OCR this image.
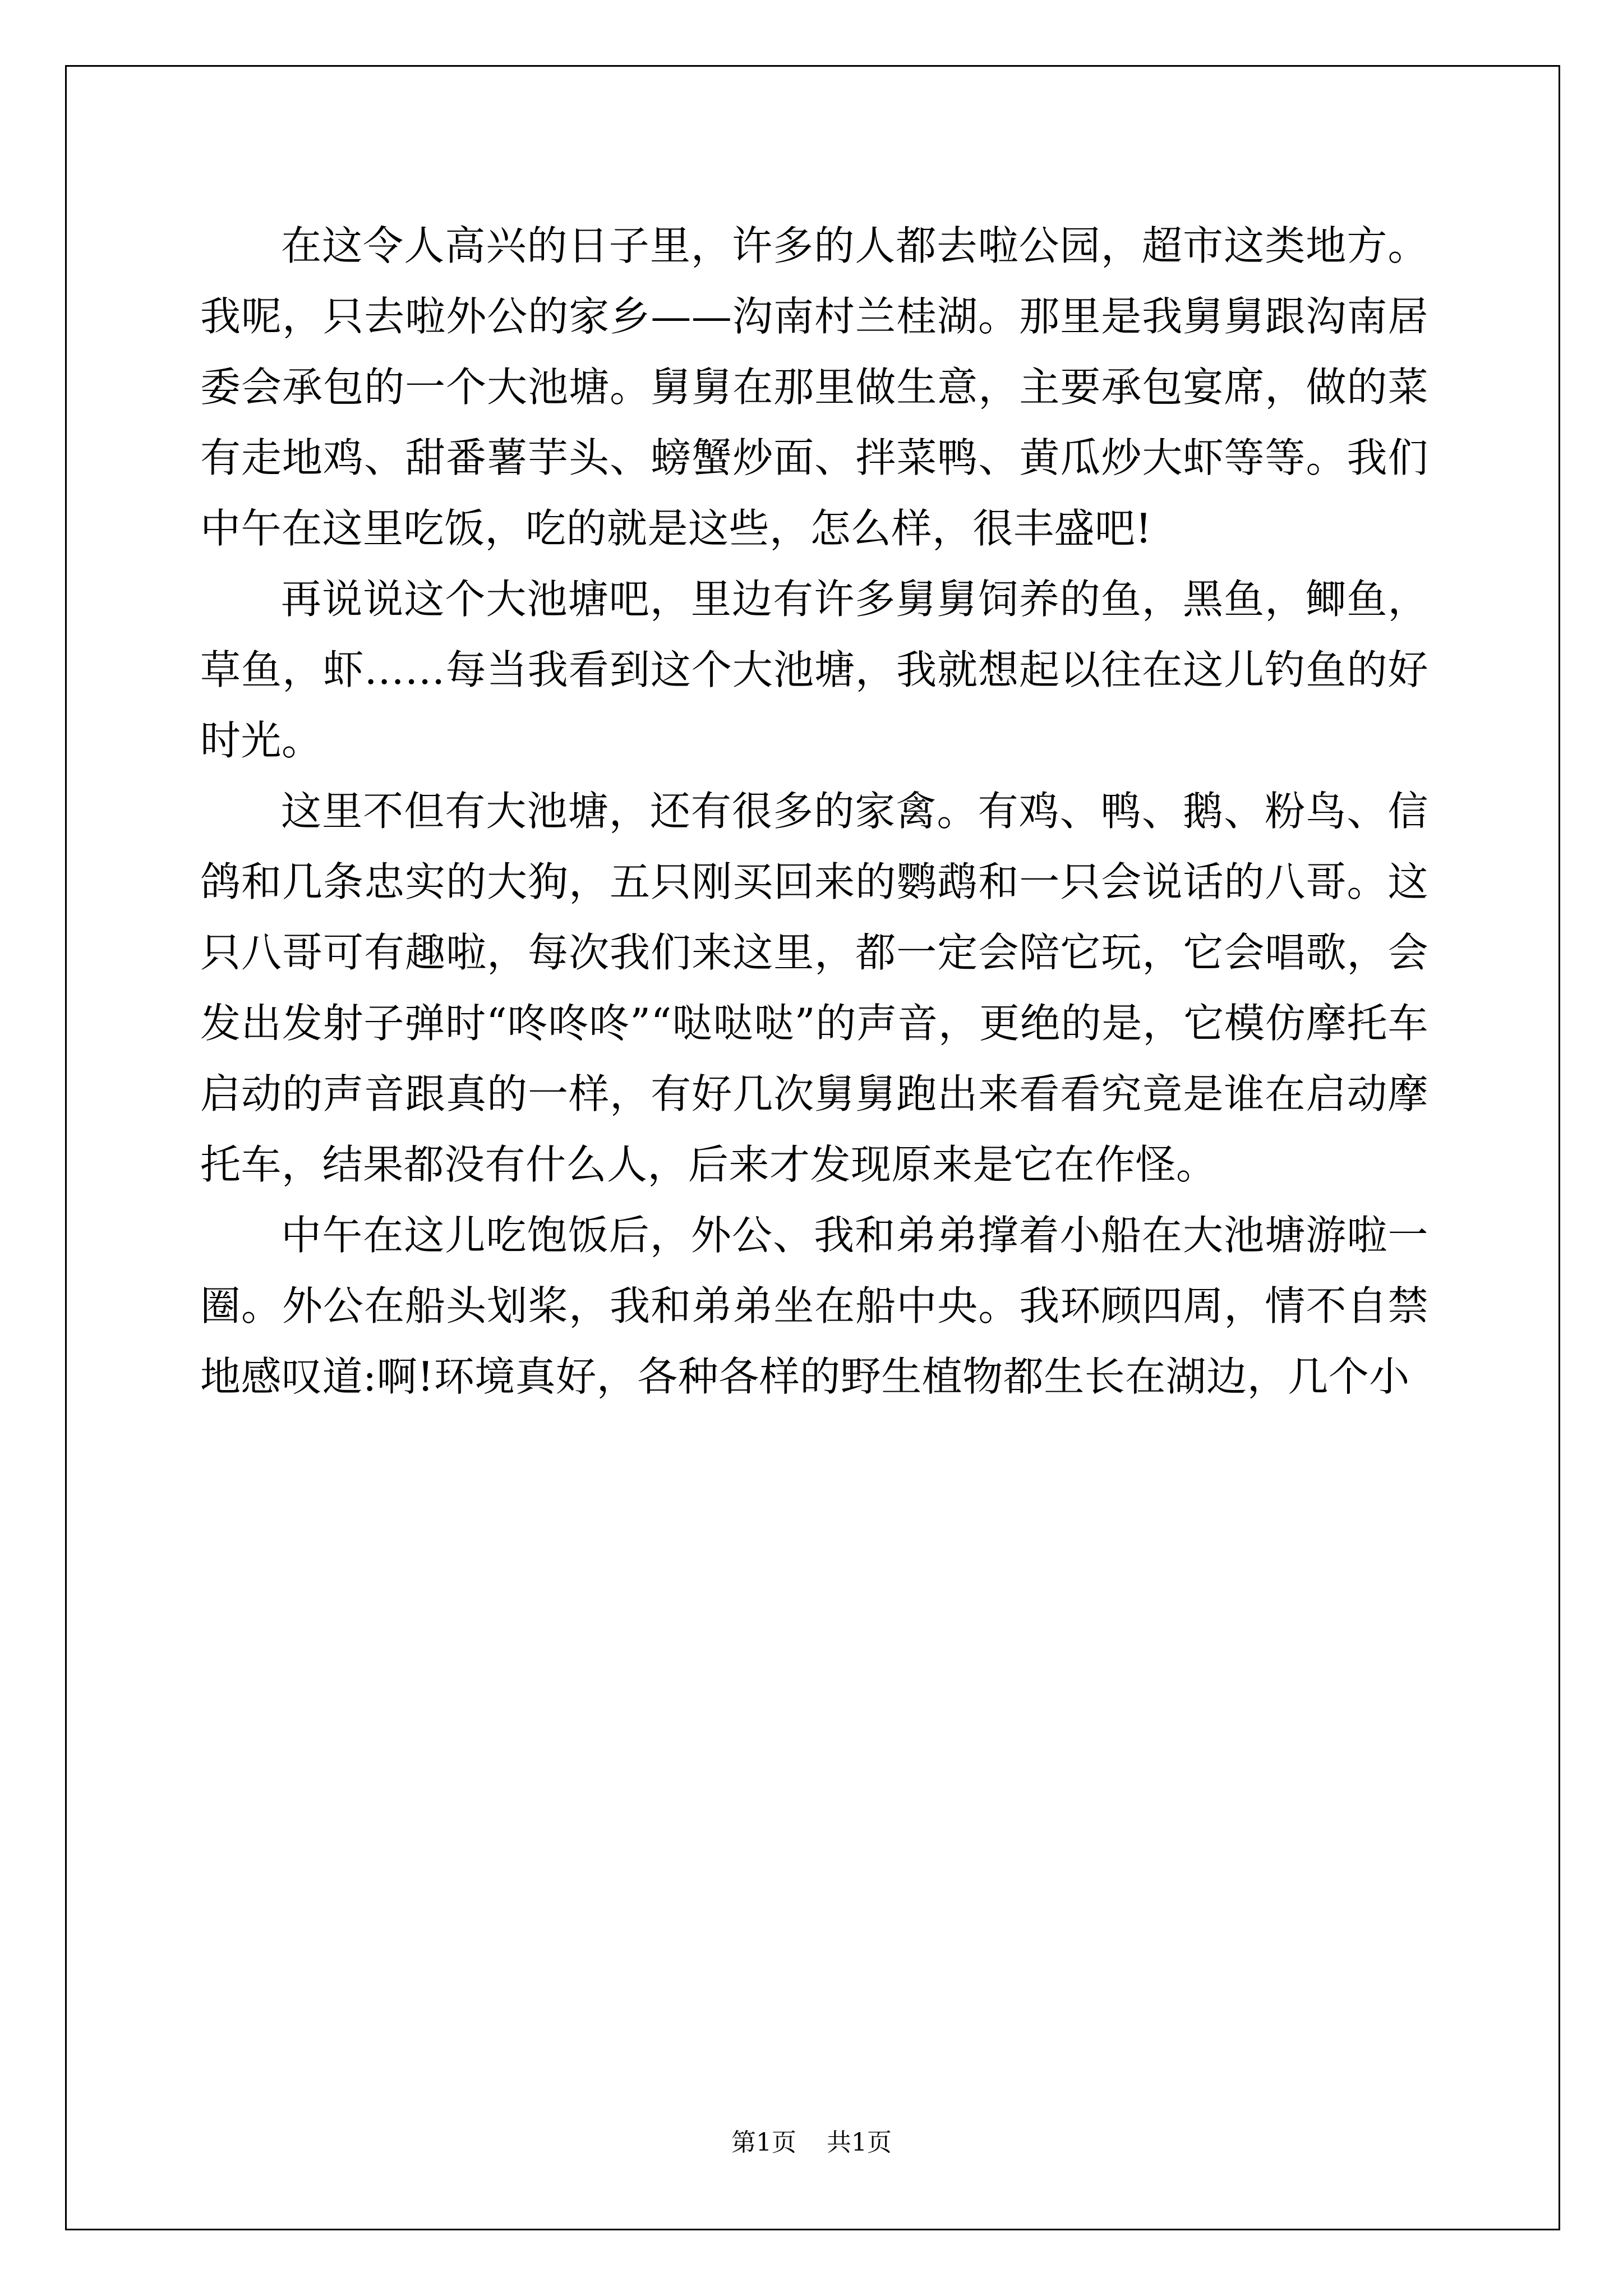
在这令人高兴的日子里，许多的人都去啦公园，超市这类地方。我呢，只去啦外公的家乡——沟南村兰桂湖。那里是我舅舅跟沟南居委会承包的一个大池塘。舅舅在那里做生意，主要承包宴席，做的菜有走地鸡、甜番薯芋头、螃蟹炒面、拌菜鸭、黄瓜炒大虾等等。我们中午在这里吃饭，吃的就是这些，怎么样，很丰盛吧!

再说说这个大池塘吧，里边有许多舅舅饲养的鱼，黑鱼，鲫鱼，草鱼，虾……每当我看到这个大池塘，我就想起以往在这儿钓鱼的好时光。

这里不但有大池塘，还有很多的家禽。有鸡、鸭、鹅、粉鸟、信鸽和几条忠实的大狗，五只刚买回来的鹦鹉和一只会说话的八哥。这只八哥可有趣啦，每次我们来这里，都一定会陪它玩，它会唱歌，会发出发射子弹时“咚咚咚”“哒哒哒”的声音，更绝的是，它模仿摩托车启动的声音跟真的一样，有好几次舅舅跑出来看看究竟是谁在启动摩托车，结果都没有什么人，后来才发现原来是它在作怪。

中午在这儿吃饱饭后，外公、我和弟弟撑着小船在大池塘游啦一圈。外公在船头划桨，我和弟弟坐在船中央。我环顾四周，情不自禁地感叹道:啊!环境真好，各种各样的野生植物都生长在湖边，几个小

第1页 共1页
